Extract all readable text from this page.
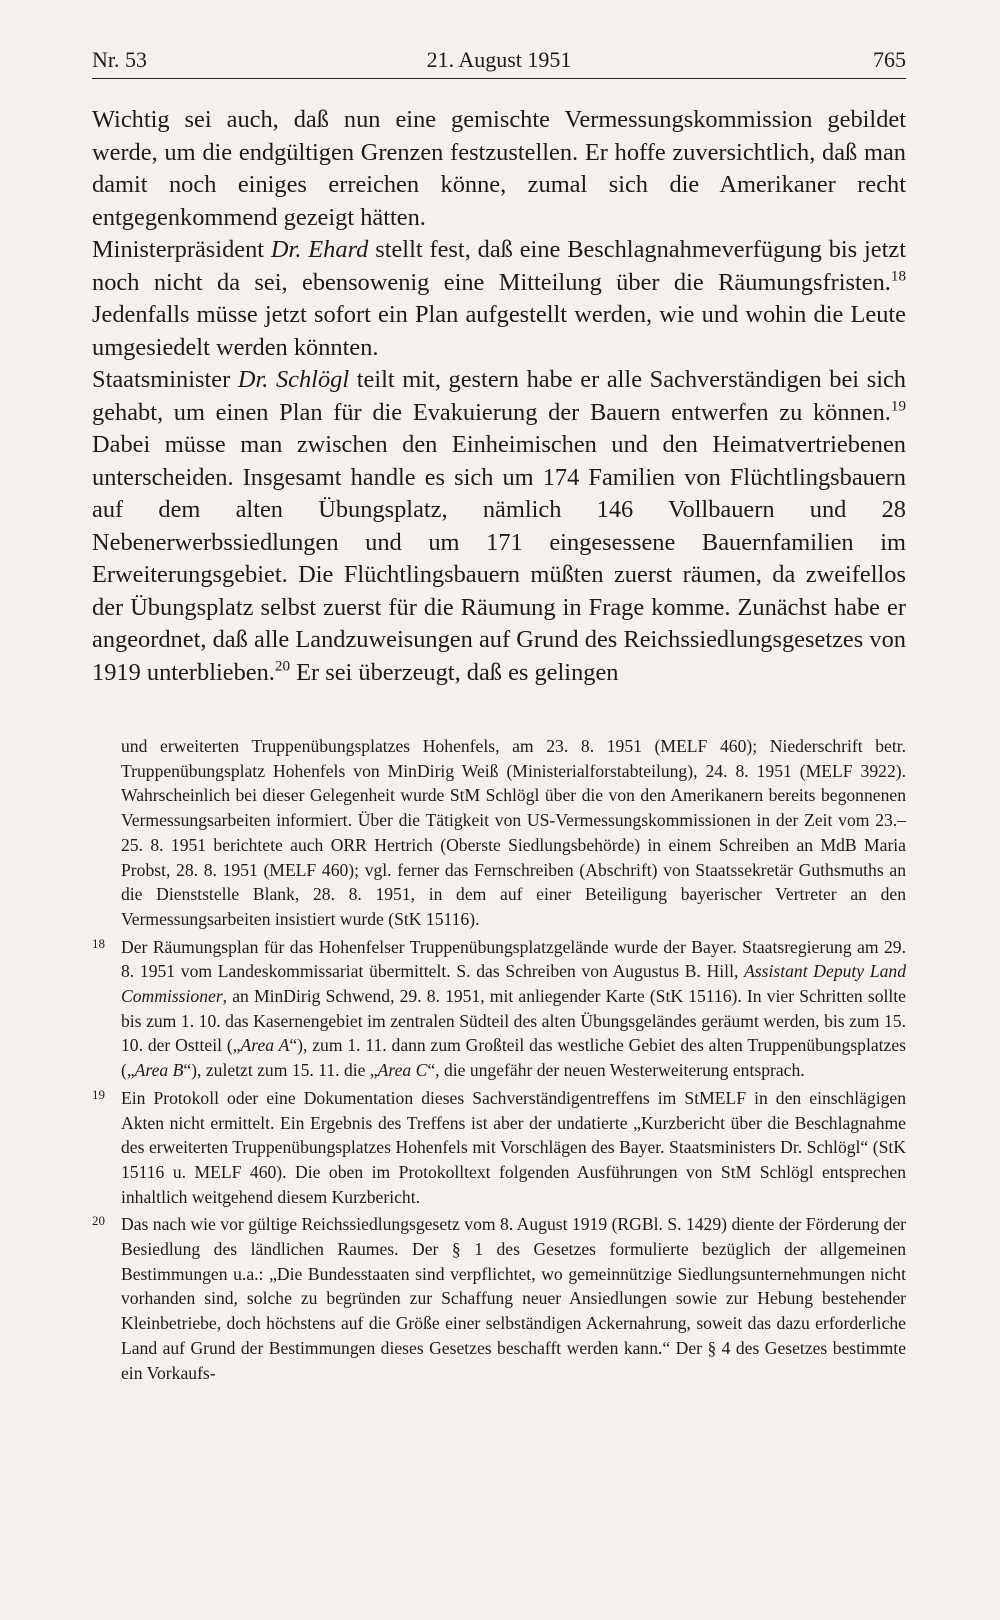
Nr. 53	21. August 1951	765

Wichtig sei auch, daß nun eine gemischte Vermessungskommission gebildet werde, um die endgültigen Grenzen festzustellen. Er hoffe zuversichtlich, daß man damit noch einiges erreichen könne, zumal sich die Amerikaner recht entgegenkommend gezeigt hätten.

Ministerpräsident Dr. Ehard stellt fest, daß eine Beschlagnahmeverfügung bis jetzt noch nicht da sei, ebensowenig eine Mitteilung über die Räumungsfristen.$^{18}$ Jedenfalls müsse jetzt sofort ein Plan aufgestellt werden, wie und wohin die Leute umgesiedelt werden könnten.

Staatsminister Dr. Schlögl teilt mit, gestern habe er alle Sachverständigen bei sich gehabt, um einen Plan für die Evakuierung der Bauern entwerfen zu können.$^{19}$ Dabei müsse man zwischen den Einheimischen und den Heimatvertriebenen unterscheiden. Insgesamt handle es sich um 174 Familien von Flüchtlingsbauern auf dem alten Übungsplatz, nämlich 146 Vollbauern und 28 Nebenerwerbssiedlungen und um 171 eingesessene Bauernfamilien im Erweiterungsgebiet. Die Flüchtlingsbauern müßten zuerst räumen, da zweifellos der Übungsplatz selbst zuerst für die Räumung in Frage komme. Zunächst habe er angeordnet, daß alle Landzuweisungen auf Grund des Reichssiedlungsgesetzes von 1919 unterblieben.$^{20}$ Er sei überzeugt, daß es gelingen

und erweiterten Truppenübungsplatzes Hohenfels, am 23. 8. 1951 (MELF 460); Niederschrift betr. Truppenübungsplatz Hohenfels von MinDirig Weiß (Ministerialforstabteilung), 24. 8. 1951 (MELF 3922). Wahrscheinlich bei dieser Gelegenheit wurde StM Schlögl über die von den Amerikanern bereits begonnenen Vermessungsarbeiten informiert. Über die Tätigkeit von US-Vermessungskommissionen in der Zeit vom 23.–25. 8. 1951 berichtete auch ORR Hertrich (Oberste Siedlungsbehörde) in einem Schreiben an MdB Maria Probst, 28. 8. 1951 (MELF 460); vgl. ferner das Fernschreiben (Abschrift) von Staatssekretär Guthsmuths an die Dienststelle Blank, 28. 8. 1951, in dem auf einer Beteiligung bayerischer Vertreter an den Vermessungsarbeiten insistiert wurde (StK 15116).
18 Der Räumungsplan für das Hohenfelser Truppenübungsplatzgelände wurde der Bayer. Staatsregierung am 29. 8. 1951 vom Landeskommissariat übermittelt. S. das Schreiben von Augustus B. Hill, Assistant Deputy Land Commissioner, an MinDirig Schwend, 29. 8. 1951, mit anliegender Karte (StK 15116). In vier Schritten sollte bis zum 1. 10. das Kasernengebiet im zentralen Südteil des alten Übungsgeländes geräumt werden, bis zum 15. 10. der Ostteil („Area A“), zum 1. 11. dann zum Großteil das westliche Gebiet des alten Truppenübungsplatzes („Area B“), zuletzt zum 15. 11. die „Area C“, die ungefähr der neuen Westerweiterung entsprach.
19 Ein Protokoll oder eine Dokumentation dieses Sachverständigentreffens im StMELF in den einschlägigen Akten nicht ermittelt. Ein Ergebnis des Treffens ist aber der undatierte „Kurzbericht über die Beschlagnahme des erweiterten Truppenübungsplatzes Hohenfels mit Vorschlägen des Bayer. Staatsministers Dr. Schlögl“ (StK 15116 u. MELF 460). Die oben im Protokolltext folgenden Ausführungen von StM Schlögl entsprechen inhaltlich weitgehend diesem Kurzbericht.
20 Das nach wie vor gültige Reichssiedlungsgesetz vom 8. August 1919 (RGBl. S. 1429) diente der Förderung der Besiedlung des ländlichen Raumes. Der § 1 des Gesetzes formulierte bezüglich der allgemeinen Bestimmungen u.a.: „Die Bundesstaaten sind verpflichtet, wo gemeinnützige Siedlungsunternehmungen nicht vorhanden sind, solche zu begründen zur Schaffung neuer Ansiedlungen sowie zur Hebung bestehender Kleinbetriebe, doch höchstens auf die Größe einer selbständigen Ackernahrung, soweit das dazu erforderliche Land auf Grund der Bestimmungen dieses Gesetzes beschafft werden kann.“ Der § 4 des Gesetzes bestimmte ein Vorkaufs-
